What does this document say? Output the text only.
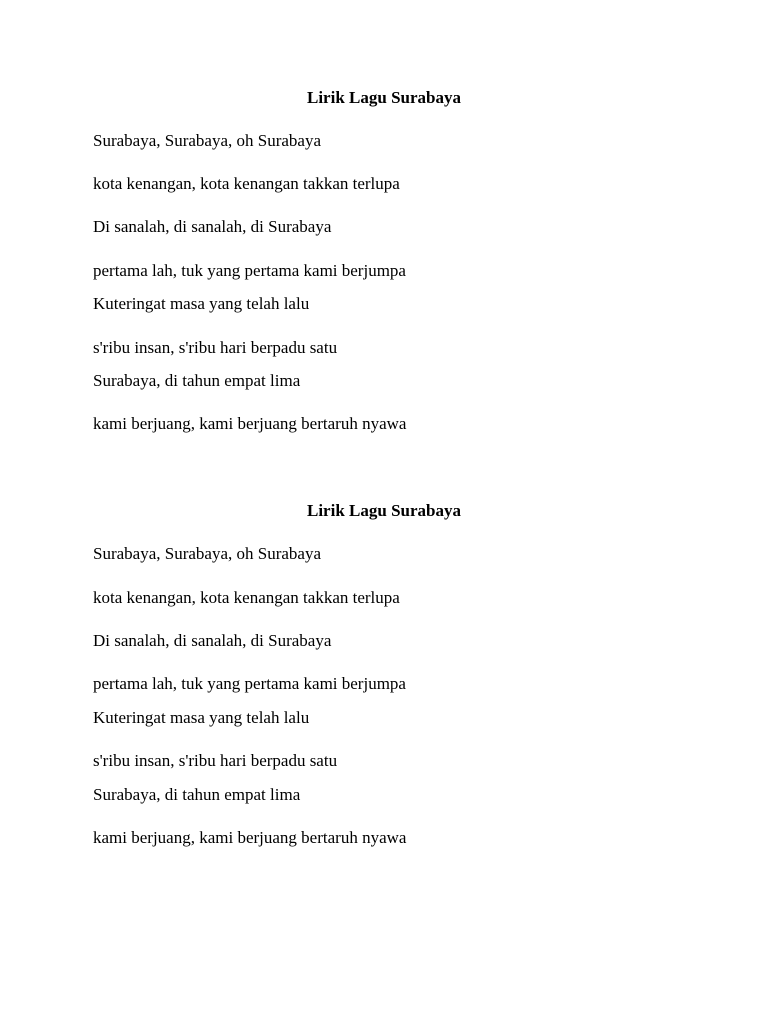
Lirik Lagu Surabaya
Surabaya, Surabaya, oh Surabaya
kota kenangan, kota kenangan takkan terlupa
Di sanalah, di sanalah, di Surabaya
pertama lah, tuk yang pertama kami berjumpa
Kuteringat masa yang telah lalu
s'ribu insan, s'ribu hari berpadu satu
Surabaya, di tahun empat lima
kami berjuang, kami berjuang bertaruh nyawa
Lirik Lagu Surabaya
Surabaya, Surabaya, oh Surabaya
kota kenangan, kota kenangan takkan terlupa
Di sanalah, di sanalah, di Surabaya
pertama lah, tuk yang pertama kami berjumpa
Kuteringat masa yang telah lalu
s'ribu insan, s'ribu hari berpadu satu
Surabaya, di tahun empat lima
kami berjuang, kami berjuang bertaruh nyawa
